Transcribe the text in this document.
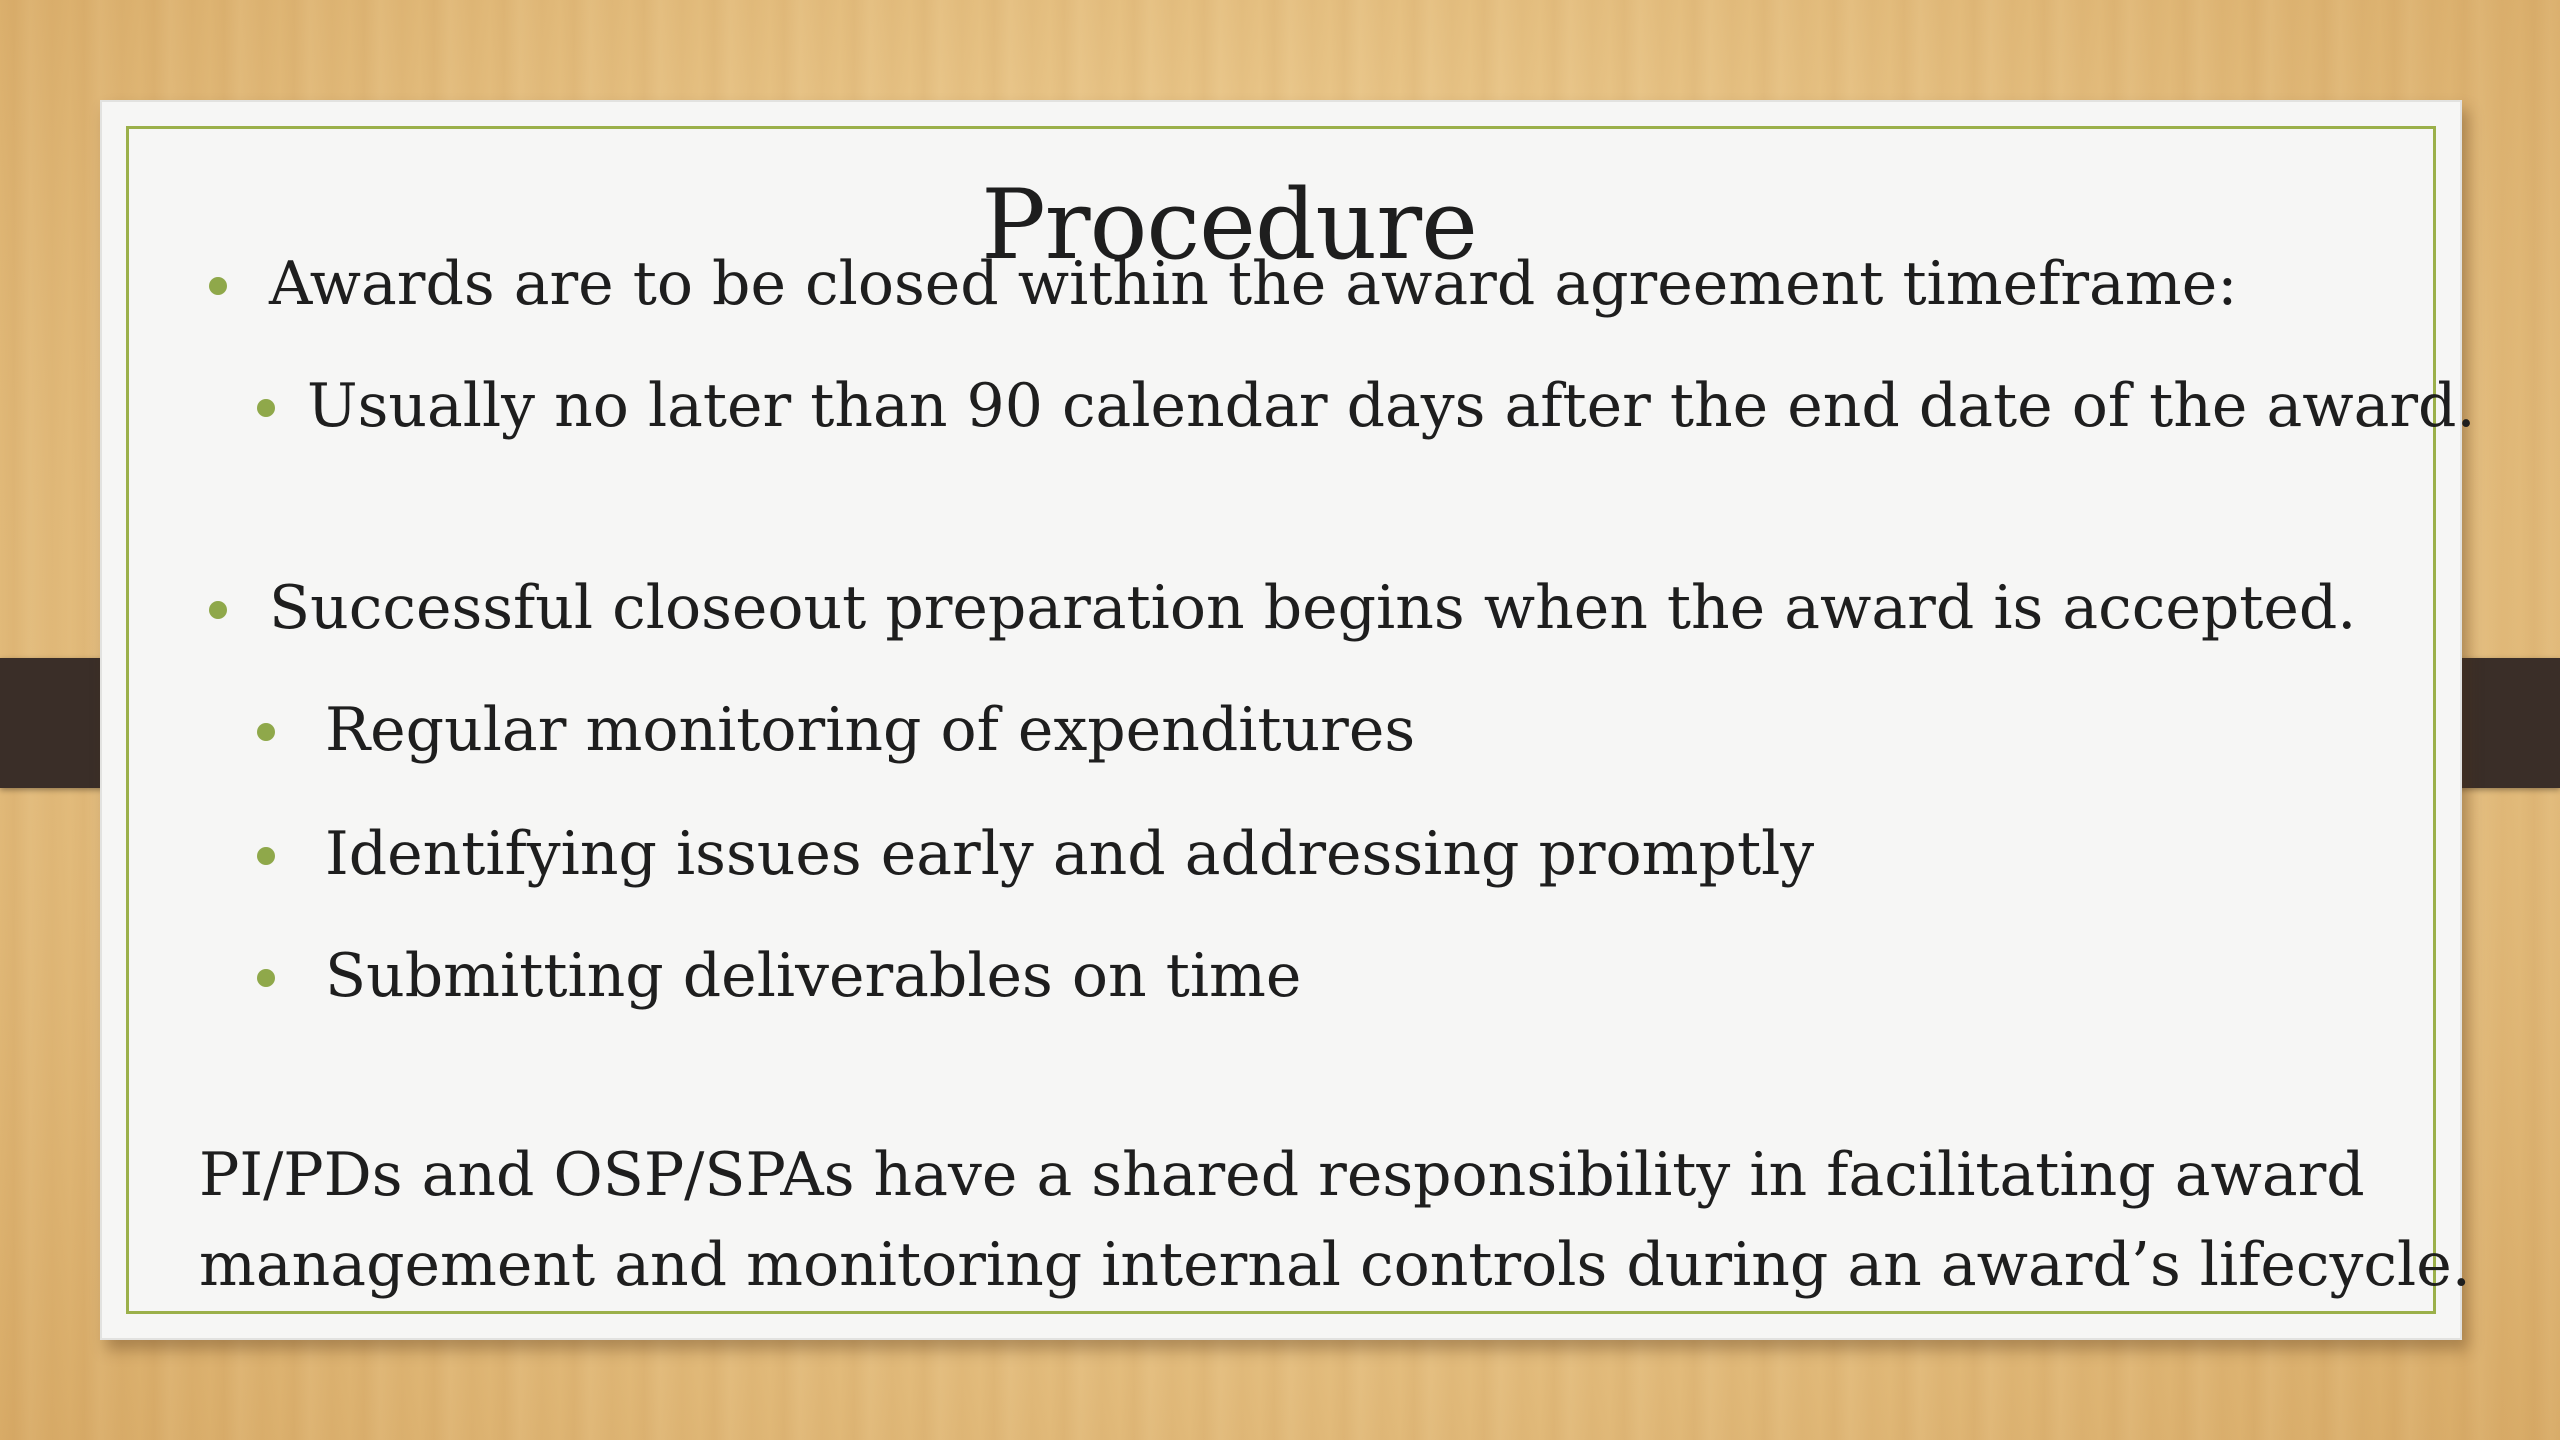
Procedure
Awards are to be closed within the award agreement timeframe:
Usually no later than 90 calendar days after the end date of the award.
Successful closeout preparation begins when the award is accepted.
Regular monitoring of expenditures
Identifying issues early and addressing promptly
Submitting deliverables on time
PI/PDs and OSP/SPAs have a shared responsibility in facilitating award
management and monitoring internal controls during an award’s lifecycle.
